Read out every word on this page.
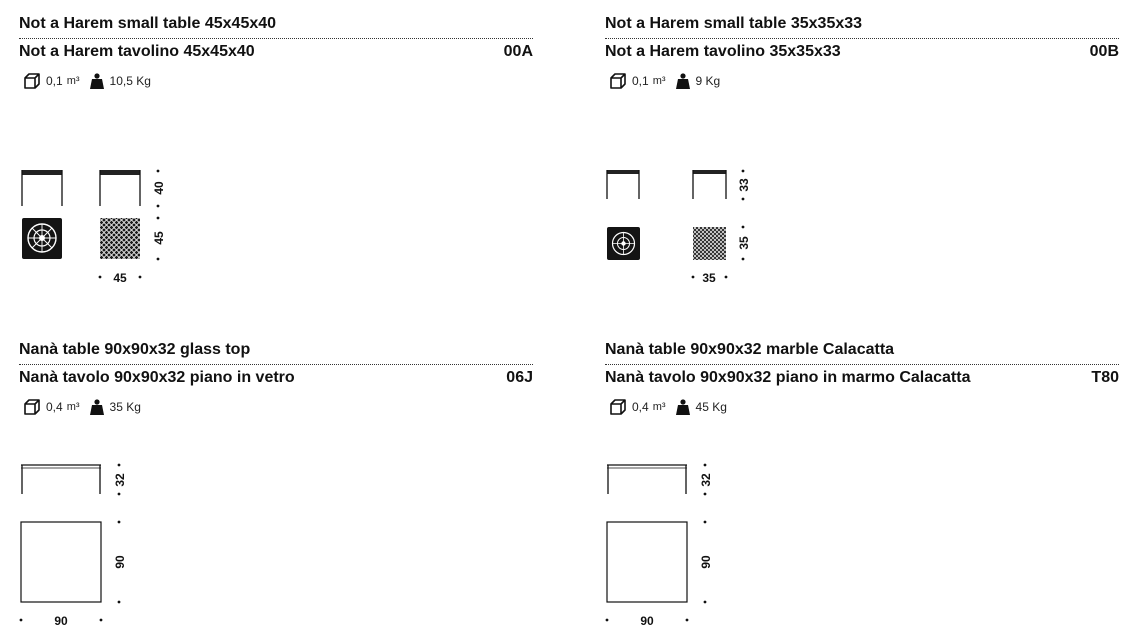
Not a Harem small table 45x45x40
Not a Harem tavolino 45x45x40	00A
0,1 m³	10,5 Kg
40
45
45
Not a Harem small table 35x35x33
Not a Harem tavolino 35x35x33	00B
0,1 m³	9 Kg
33
35
35
Nanà table 90x90x32 glass top
Nanà tavolo 90x90x32 piano in vetro	06J
0,4 m³	35 Kg
32
90
90
Nanà table 90x90x32 marble Calacatta
Nanà tavolo 90x90x32 piano in marmo Calacatta	T80
0,4 m³	45 Kg
32
90
90
